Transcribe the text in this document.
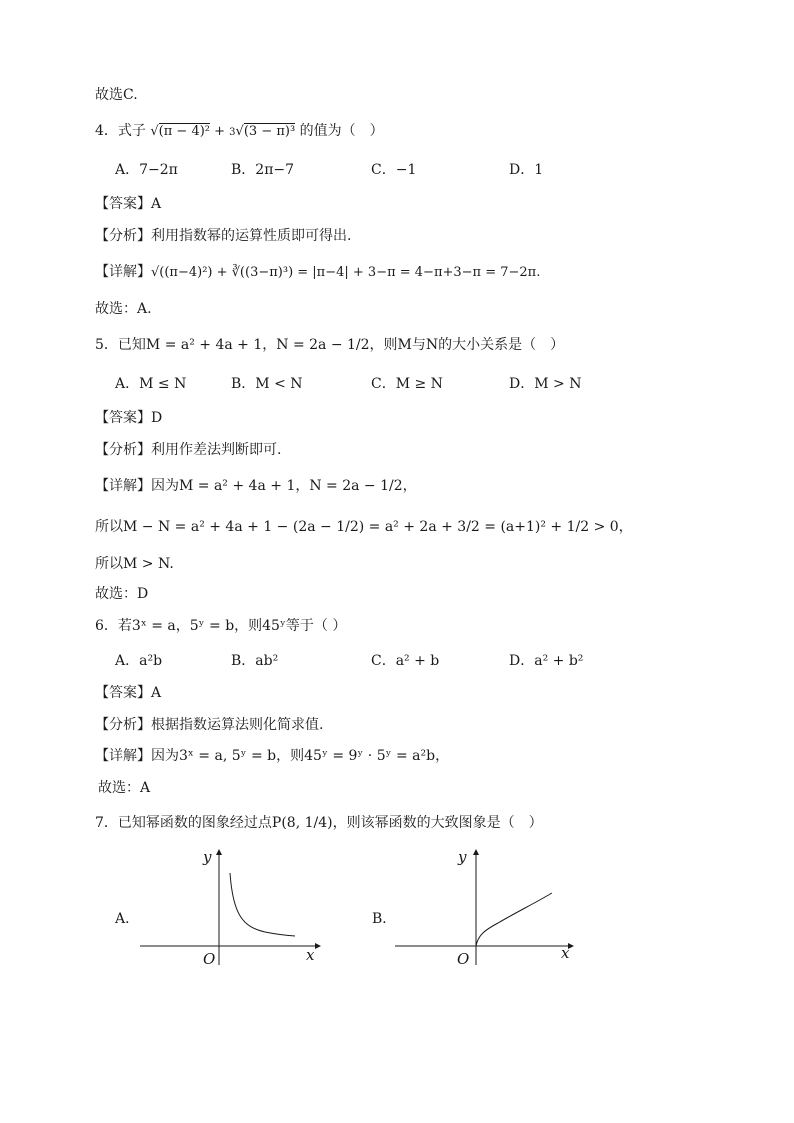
故选C.
4．式子 √(π − 4)² + 3√(3 − π)³ 的值为（　）
A．7−2π	B．2π−7	C．−1	D．1
【答案】A
【分析】利用指数幂的运算性质即可得出.
【详解】√((π−4)²) + ∛((3−π)³) = |π−4| + 3−π = 4−π+3−π = 7−2π.
故选：A.
5．已知M = a² + 4a + 1，N = 2a − 1/2，则M与N的大小关系是（　）
A．M ≤ N	B．M < N	C．M ≥ N	D．M > N
【答案】D
【分析】利用作差法判断即可.
【详解】因为M = a² + 4a + 1，N = 2a − 1/2，
所以M − N = a² + 4a + 1 − (2a − 1/2) = a² + 2a + 3/2 = (a+1)² + 1/2 > 0，
所以M > N.
故选：D
6．若3ˣ = a，5ʸ = b，则45ʸ等于（ ）
A．a²b	B．ab²	C．a² + b	D．a² + b²
【答案】A
【分析】根据指数运算法则化简求值.
【详解】因为3ˣ = a, 5ʸ = b，则45ʸ = 9ʸ · 5ʸ = a²b，
故选：A
7．已知幂函数的图象经过点P(8, 1/4)，则该幂函数的大致图象是（　）
A．
y
x
O
B．
y
x
O
